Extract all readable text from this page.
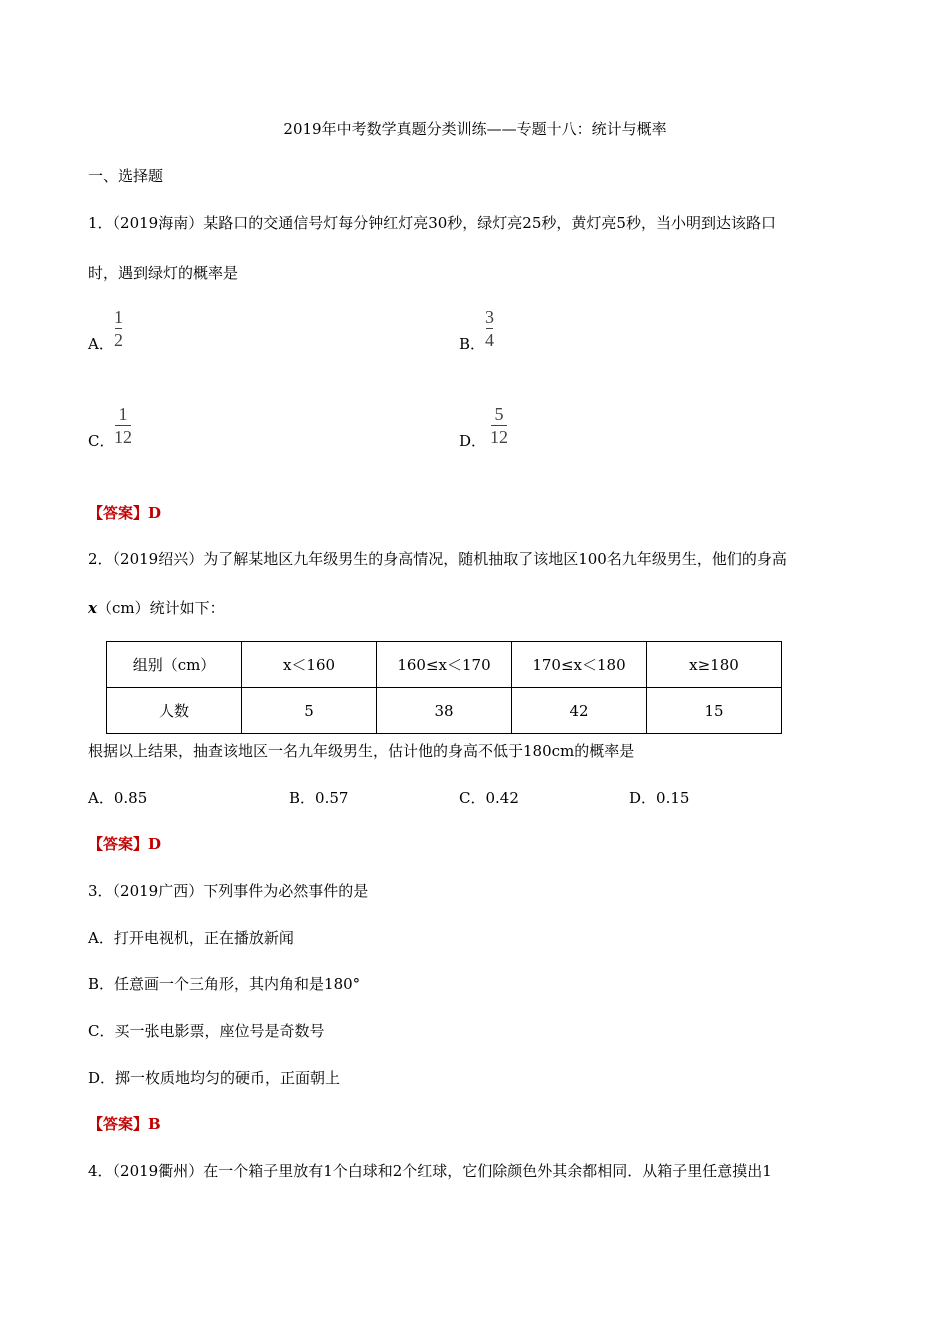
2019年中考数学真题分类训练——专题十八：统计与概率
一、选择题
1．（2019海南）某路口的交通信号灯每分钟红灯亮30秒，绿灯亮25秒，黄灯亮5秒，当小明到达该路口
时，遇到绿灯的概率是
A．
1
2	B．
3
4
C．
1
12	D．
5
12
【答案】D
2．（2019绍兴）为了解某地区九年级男生的身高情况，随机抽取了该地区100名九年级男生，他们的身高
x（cm）统计如下：
组别（cm）	x＜160	160≤x＜170	170≤x＜180	x≥180
人数	5	38	42	15
根据以上结果，抽查该地区一名九年级男生，估计他的身高不低于180cm的概率是
A．0.85	B．0.57	C．0.42	D．0.15
【答案】D
3．（2019广西）下列事件为必然事件的是
A．打开电视机，正在播放新闻
B．任意画一个三角形，其内角和是180°
C．买一张电影票，座位号是奇数号
D．掷一枚质地均匀的硬币，正面朝上
【答案】B
4．（2019衢州）在一个箱子里放有1个白球和2个红球，它们除颜色外其余都相同．从箱子里任意摸出1
